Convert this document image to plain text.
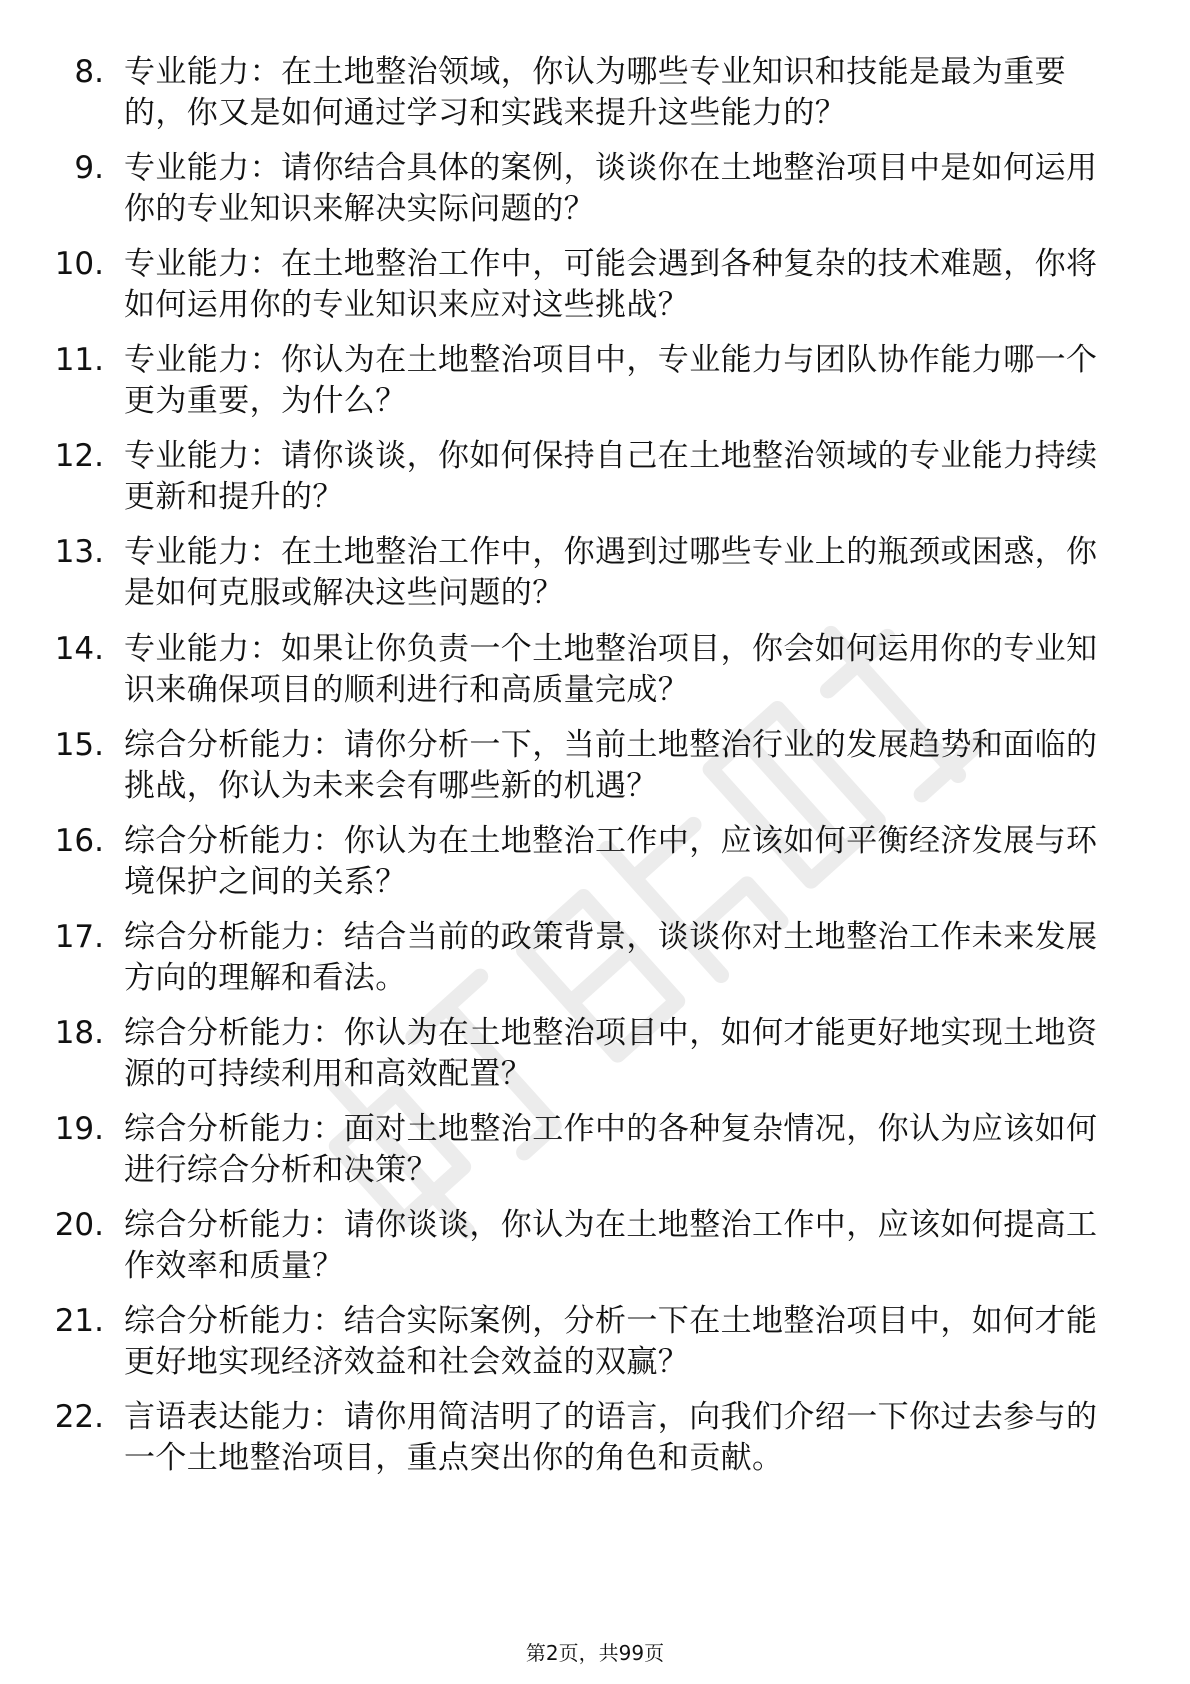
8. 专业能力：在土地整治领域，你认为哪些专业知识和技能是最为重要的，你又是如何通过学习和实践来提升这些能力的？
9. 专业能力：请你结合具体的案例，谈谈你在土地整治项目中是如何运用你的专业知识来解决实际问题的？
10. 专业能力：在土地整治工作中，可能会遇到各种复杂的技术难题，你将如何运用你的专业知识来应对这些挑战？
11. 专业能力：你认为在土地整治项目中，专业能力与团队协作能力哪一个更为重要，为什么？
12. 专业能力：请你谈谈，你如何保持自己在土地整治领域的专业能力持续更新和提升的？
13. 专业能力：在土地整治工作中，你遇到过哪些专业上的瓶颈或困惑，你是如何克服或解决这些问题的？
14. 专业能力：如果让你负责一个土地整治项目，你会如何运用你的专业知识来确保项目的顺利进行和高质量完成？
15. 综合分析能力：请你分析一下，当前土地整治行业的发展趋势和面临的挑战，你认为未来会有哪些新的机遇？
16. 综合分析能力：你认为在土地整治工作中，应该如何平衡经济发展与环境保护之间的关系？
17. 综合分析能力：结合当前的政策背景，谈谈你对土地整治工作未来发展方向的理解和看法。
18. 综合分析能力：你认为在土地整治项目中，如何才能更好地实现土地资源的可持续利用和高效配置？
19. 综合分析能力：面对土地整治工作中的各种复杂情况，你认为应该如何进行综合分析和决策？
20. 综合分析能力：请你谈谈，你认为在土地整治工作中，应该如何提高工作效率和质量？
21. 综合分析能力：结合实际案例，分析一下在土地整治项目中，如何才能更好地实现经济效益和社会效益的双赢？
22. 言语表达能力：请你用简洁明了的语言，向我们介绍一下你过去参与的一个土地整治项目，重点突出你的角色和贡献。
第2页，共99页
